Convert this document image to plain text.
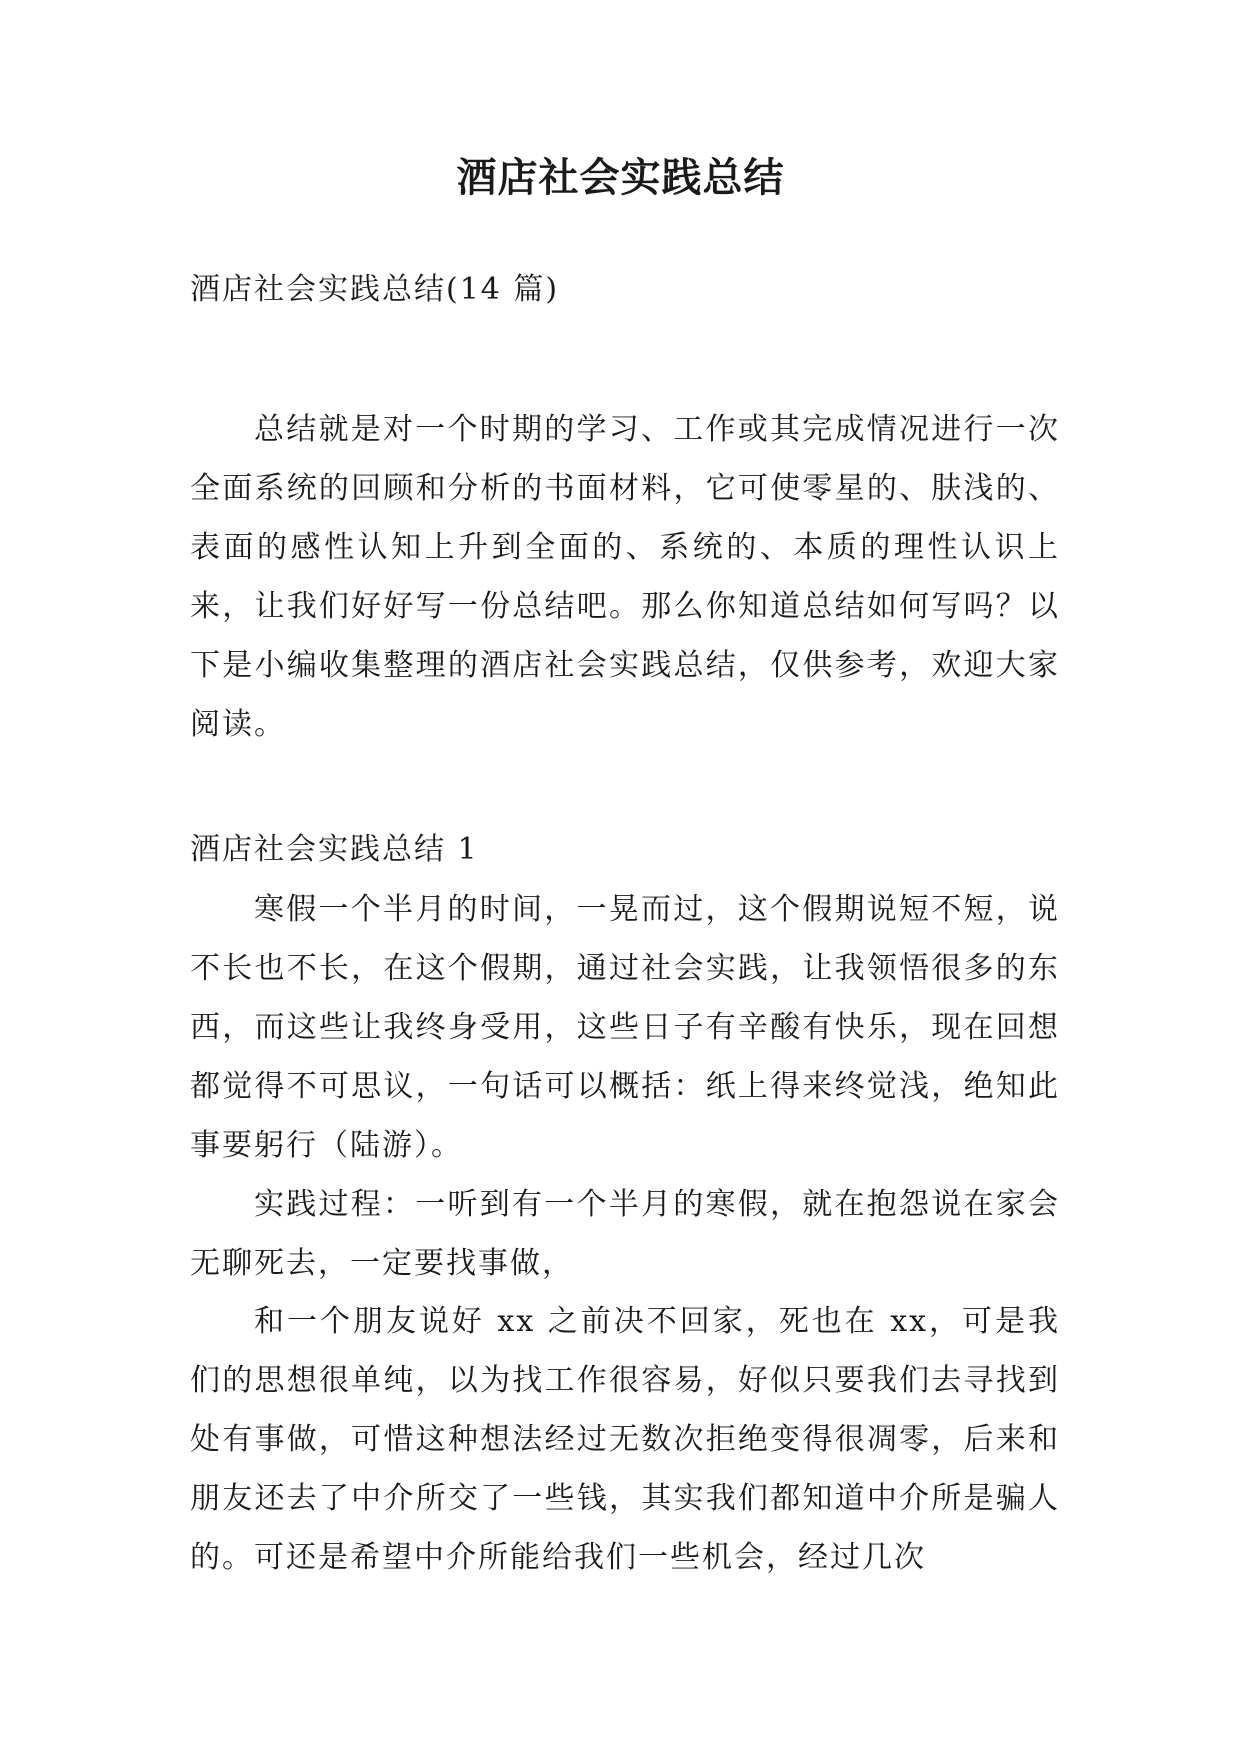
酒店社会实践总结

酒店社会实践总结(14 篇)

总结就是对一个时期的学习、工作或其完成情况进行一次全面系统的回顾和分析的书面材料，它可使零星的、肤浅的、表面的感性认知上升到全面的、系统的、本质的理性认识上来，让我们好好写一份总结吧。那么你知道总结如何写吗？以下是小编收集整理的酒店社会实践总结，仅供参考，欢迎大家阅读。

酒店社会实践总结 1

寒假一个半月的时间，一晃而过，这个假期说短不短，说不长也不长，在这个假期，通过社会实践，让我领悟很多的东西，而这些让我终身受用，这些日子有辛酸有快乐，现在回想都觉得不可思议，一句话可以概括：纸上得来终觉浅，绝知此事要躬行（陆游）。

实践过程：一听到有一个半月的寒假，就在抱怨说在家会无聊死去，一定要找事做，

和一个朋友说好 xx 之前决不回家，死也在 xx，可是我们的思想很单纯，以为找工作很容易，好似只要我们去寻找到处有事做，可惜这种想法经过无数次拒绝变得很凋零，后来和朋友还去了中介所交了一些钱，其实我们都知道中介所是骗人的。可还是希望中介所能给我们一些机会，经过几次
